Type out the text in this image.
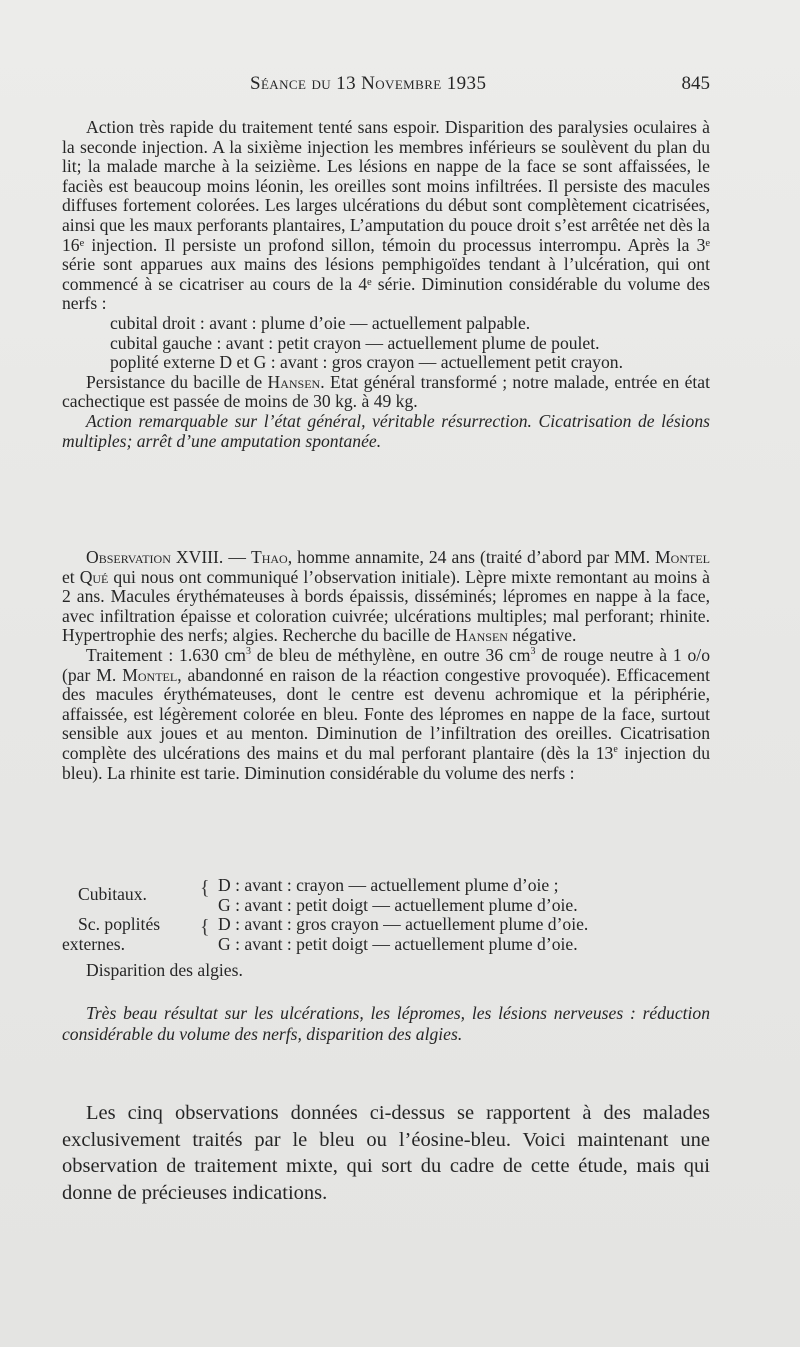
Séance du 13 Novembre 1935	845

Action très rapide du traitement tenté sans espoir. Disparition des paralysies oculaires à la seconde injection. A la sixième injection les membres inférieurs se soulèvent du plan du lit; la malade marche à la seizième. Les lésions en nappe de la face se sont affaissées, le faciès est beaucoup moins léonin, les oreilles sont moins infiltrées. Il persiste des macules diffuses fortement colorées. Les larges ulcérations du début sont complètement cicatrisées, ainsi que les maux perforants plantaires, L’amputation du pouce droit s’est arrêtée net dès la 16ᵉ injection. Il persiste un profond sillon, témoin du processus interrompu. Après la 3ᵉ série sont apparues aux mains des lésions pemphigoïdes tendant à l’ulcération, qui ont commencé à se cicatriser au cours de la 4ᵉ série. Diminution considérable du volume des nerfs :

cubital droit : avant : plume d’oie — actuellement palpable.

cubital gauche : avant : petit crayon — actuellement plume de poulet.

poplité externe D et G : avant : gros crayon — actuellement petit crayon.

Persistance du bacille de Hansen. Etat général transformé ; notre malade, entrée en état cachectique est passée de moins de 30 kg. à 49 kg.

Action remarquable sur l’état général, véritable résurrection. Cicatrisation de lésions multiples; arrêt d’une amputation spontanée.

Observation XVIII. — Thao, homme annamite, 24 ans (traité d’abord par MM. Montel et Qué qui nous ont communiqué l’observation initiale). Lèpre mixte remontant au moins à 2 ans. Macules érythémateuses à bords épaissis, disséminés; lépromes en nappe à la face, avec infiltration épaisse et coloration cuivrée; ulcérations multiples; mal perforant; rhinite. Hypertrophie des nerfs; algies. Recherche du bacille de Hansen négative.

Traitement : 1.630 $cm^3$ de bleu de méthylène, en outre 36 $cm^3$ de rouge neutre à 1 o/o (par M. Montel, abandonné en raison de la réaction congestive provoquée). Efficacement des macules érythémateuses, dont le centre est devenu achromique et la périphérie, affaissée, est légèrement colorée en bleu. Fonte des lépromes en nappe de la face, surtout sensible aux joues et au menton. Diminution de l’infiltration des oreilles. Cicatrisation complète des ulcérations des mains et du mal perforant plantaire (dès la 13e injection du bleu). La rhinite est tarie. Diminution considérable du volume des nerfs :

Cubitaux.	{ D : avant : crayon — actuellement plume d’oie ;
G : avant : petit doigt — actuellement plume d’oie.
Sc. poplités
externes.
{ D : avant : gros crayon — actuellement plume d’oie.
G : avant : petit doigt — actuellement plume d’oie.
Disparition des algies.
Très beau résultat sur les ulcérations, les lépromes, les lésions nerveuses : réduction considérable du volume des nerfs, disparition des algies.
Les cinq observations données ci-dessus se rapportent à des malades exclusivement traités par le bleu ou l’éosine-bleu. Voici maintenant une observation de traitement mixte, qui sort du cadre de cette étude, mais qui donne de précieuses indications.
